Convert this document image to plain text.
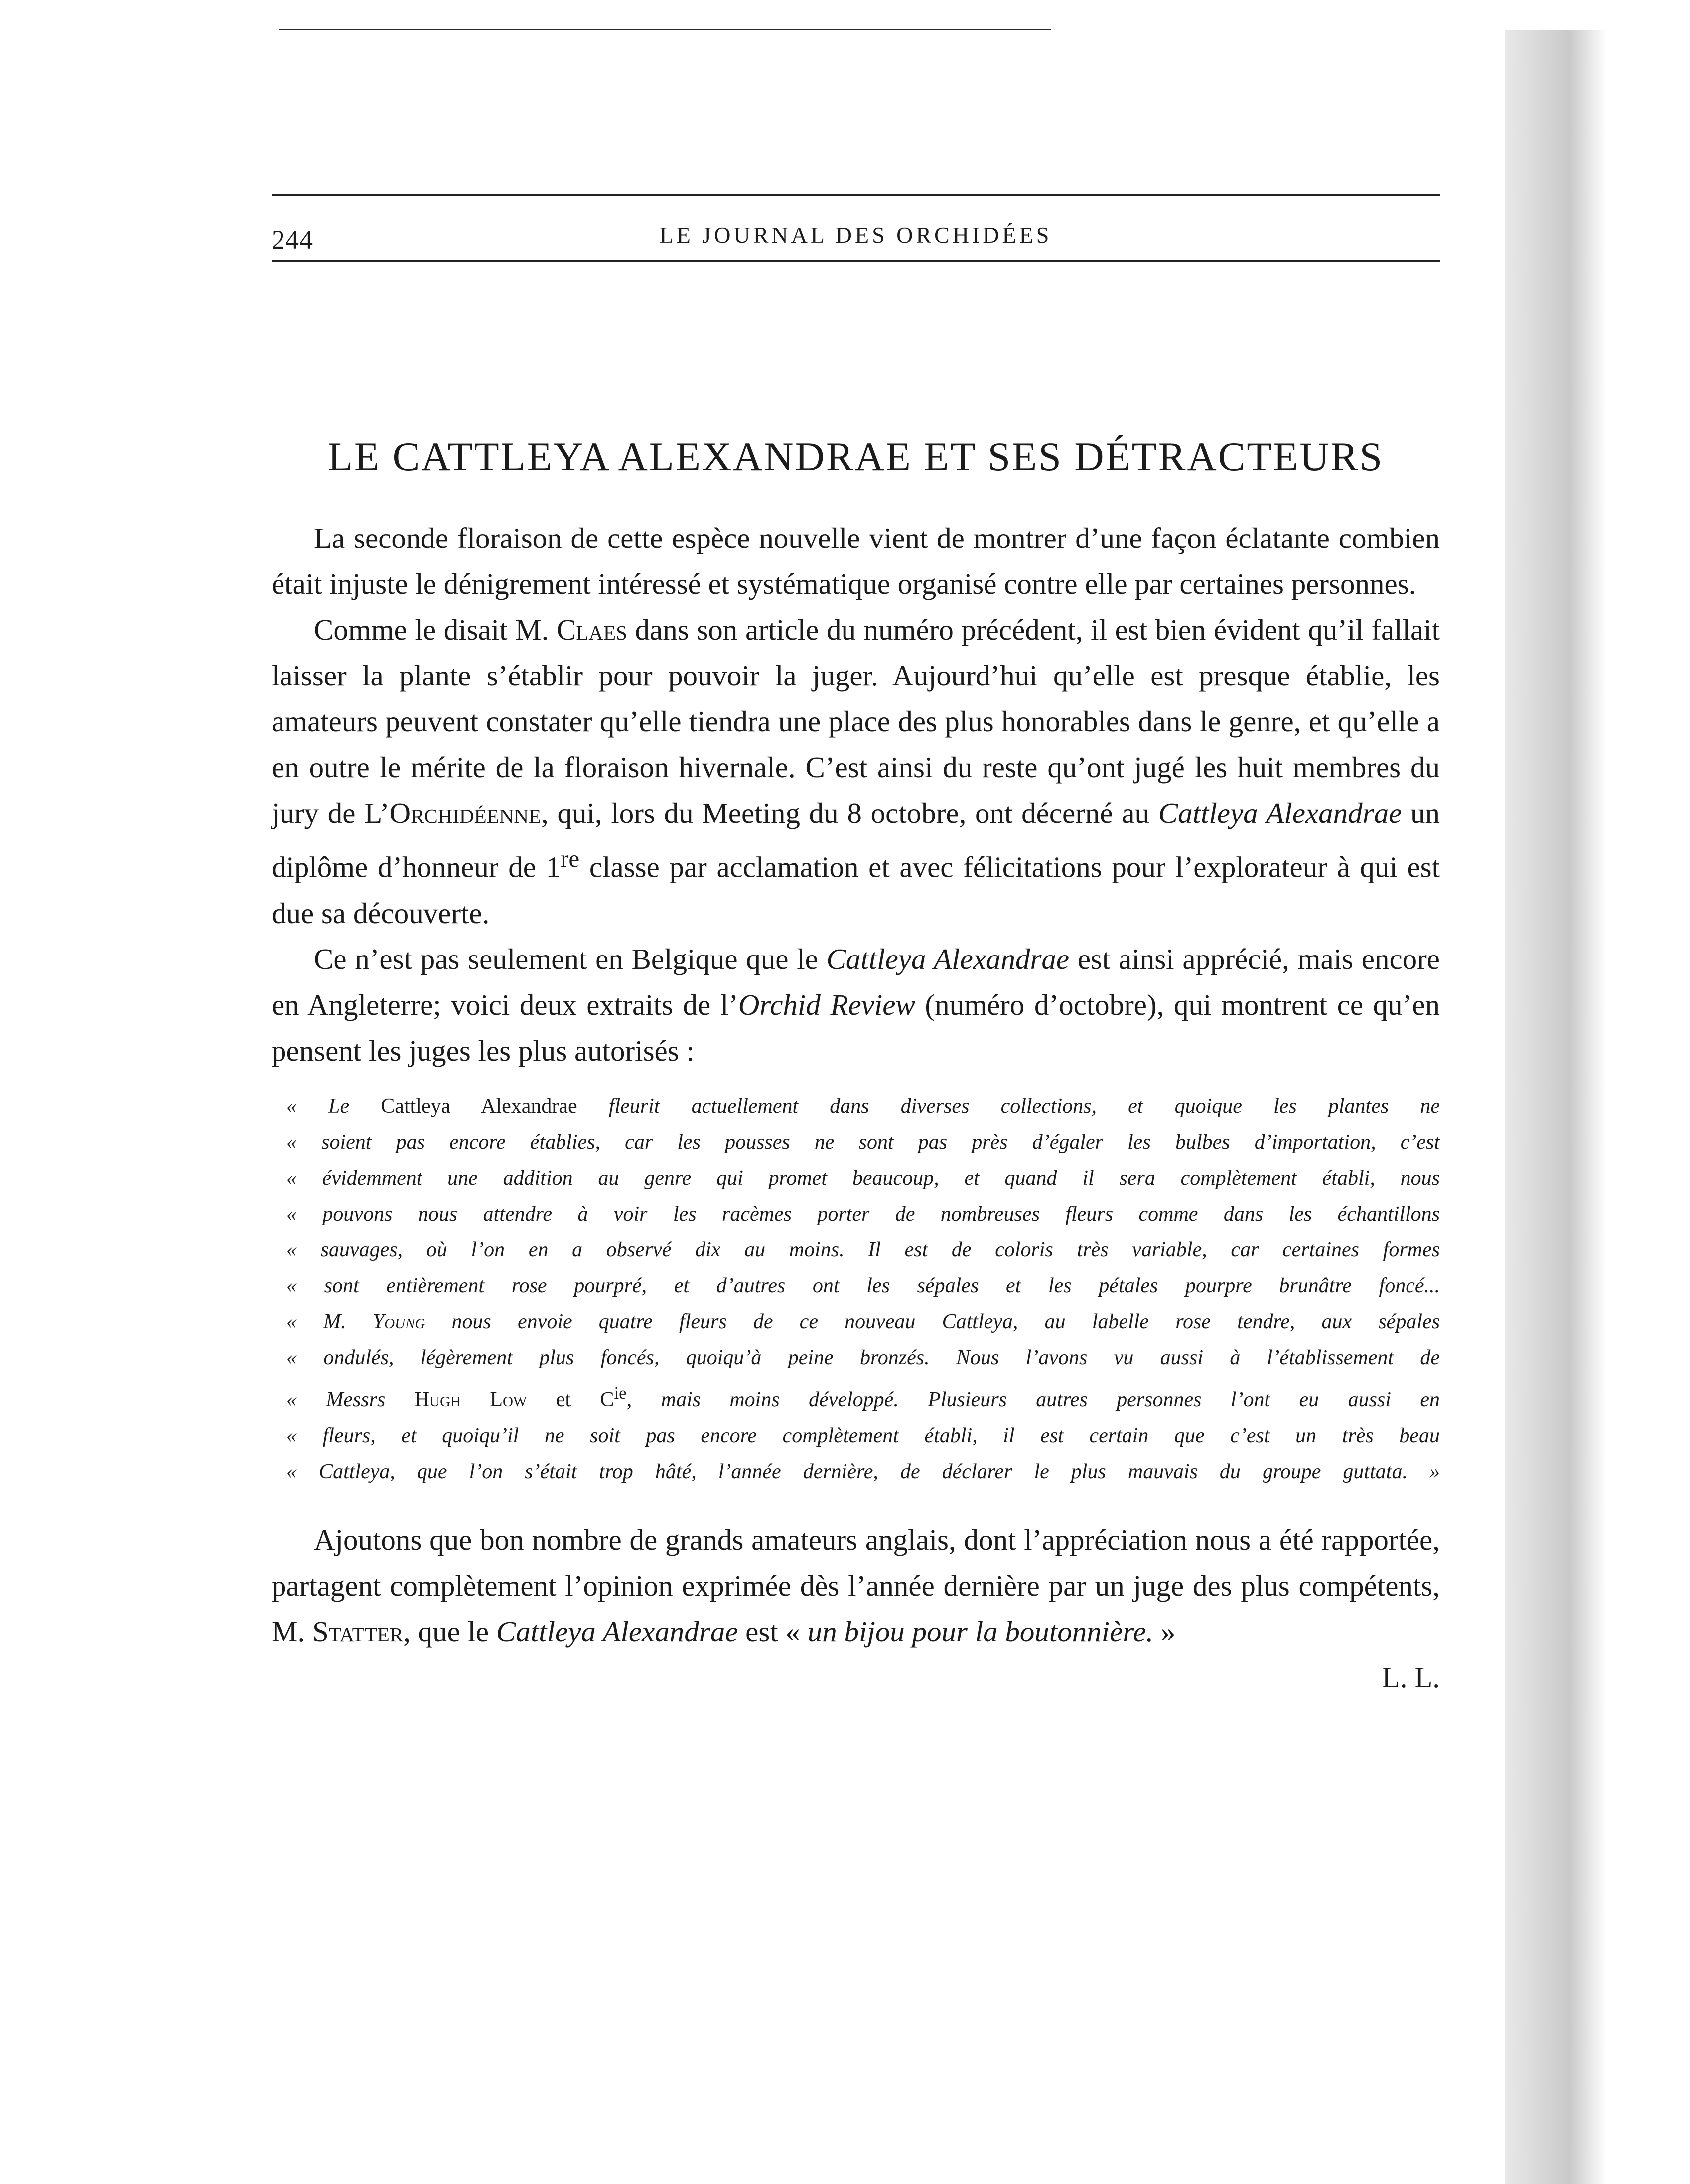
244	LE JOURNAL DES ORCHIDÉES
LE CATTLEYA ALEXANDRAE ET SES DÉTRACTEURS

La seconde floraison de cette espèce nouvelle vient de montrer d’une façon éclatante combien était injuste le dénigrement intéressé et systématique organisé contre elle par certaines personnes.

Comme le disait M. Claes dans son article du numéro précédent, il est bien évident qu’il fallait laisser la plante s’établir pour pouvoir la juger. Aujourd’hui qu’elle est presque établie, les amateurs peuvent constater qu’elle tiendra une place des plus honorables dans le genre, et qu’elle a en outre le mérite de la floraison hivernale. C’est ainsi du reste qu’ont jugé les huit membres du jury de L’Orchidéenne, qui, lors du Meeting du 8 octobre, ont décerné au Cattleya Alexandrae un diplôme d’honneur de 1re classe par acclamation et avec félicitations pour l’explorateur à qui est due sa découverte.

Ce n’est pas seulement en Belgique que le Cattleya Alexandrae est ainsi apprécié, mais encore en Angleterre; voici deux extraits de l’Orchid Review (numéro d’octobre), qui montrent ce qu’en pensent les juges les plus autorisés :

« Le Cattleya Alexandrae fleurit actuellement dans diverses collections, et quoique les plantes ne
« soient pas encore établies, car les pousses ne sont pas près d’égaler les bulbes d’importation, c’est
« évidemment une addition au genre qui promet beaucoup, et quand il sera complètement établi, nous
« pouvons nous attendre à voir les racèmes porter de nombreuses fleurs comme dans les échantillons
« sauvages, où l’on en a observé dix au moins. Il est de coloris très variable, car certaines formes
« sont entièrement rose pourpré, et d’autres ont les sépales et les pétales pourpre brunâtre foncé...
« M. Young nous envoie quatre fleurs de ce nouveau Cattleya, au labelle rose tendre, aux sépales
« ondulés, légèrement plus foncés, quoiqu’à peine bronzés. Nous l’avons vu aussi à l’établissement de
« Messrs Hugh Low et $C^{ie}$, mais moins développé. Plusieurs autres personnes l’ont eu aussi en
« fleurs, et quoiqu’il ne soit pas encore complètement établi, il est certain que c’est un très beau
« Cattleya, que l’on s’était trop hâté, l’année dernière, de déclarer le plus mauvais du groupe guttata. »

Ajoutons que bon nombre de grands amateurs anglais, dont l’appréciation nous a été rapportée, partagent complètement l’opinion exprimée dès l’année dernière par un juge des plus compétents, M. Statter, que le Cattleya Alexandrae est « un bijou pour la boutonnière. »

L. L.
